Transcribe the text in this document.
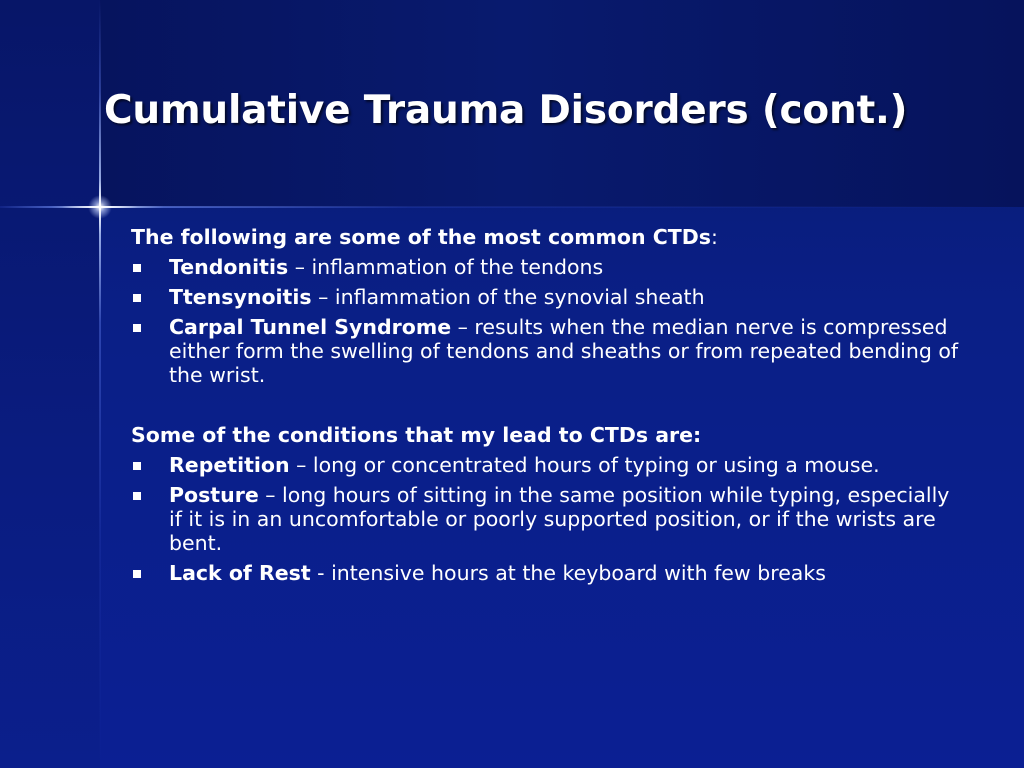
Cumulative Trauma Disorders (cont.)

The following are some of the most common CTDs:

Tendonitis – inflammation of the tendons
Ttensynoitis – inflammation of the synovial sheath
Carpal Tunnel Syndrome – results when the median nerve is compressed either form the swelling of tendons and sheaths or from repeated bending of the wrist.

Some of the conditions that my lead to CTDs are:

Repetition – long or concentrated hours of typing or using a mouse.
Posture – long hours of sitting in the same position while typing, especially if it is in an uncomfortable or poorly supported position, or if the wrists are bent.
Lack of Rest - intensive hours at the keyboard with few breaks
